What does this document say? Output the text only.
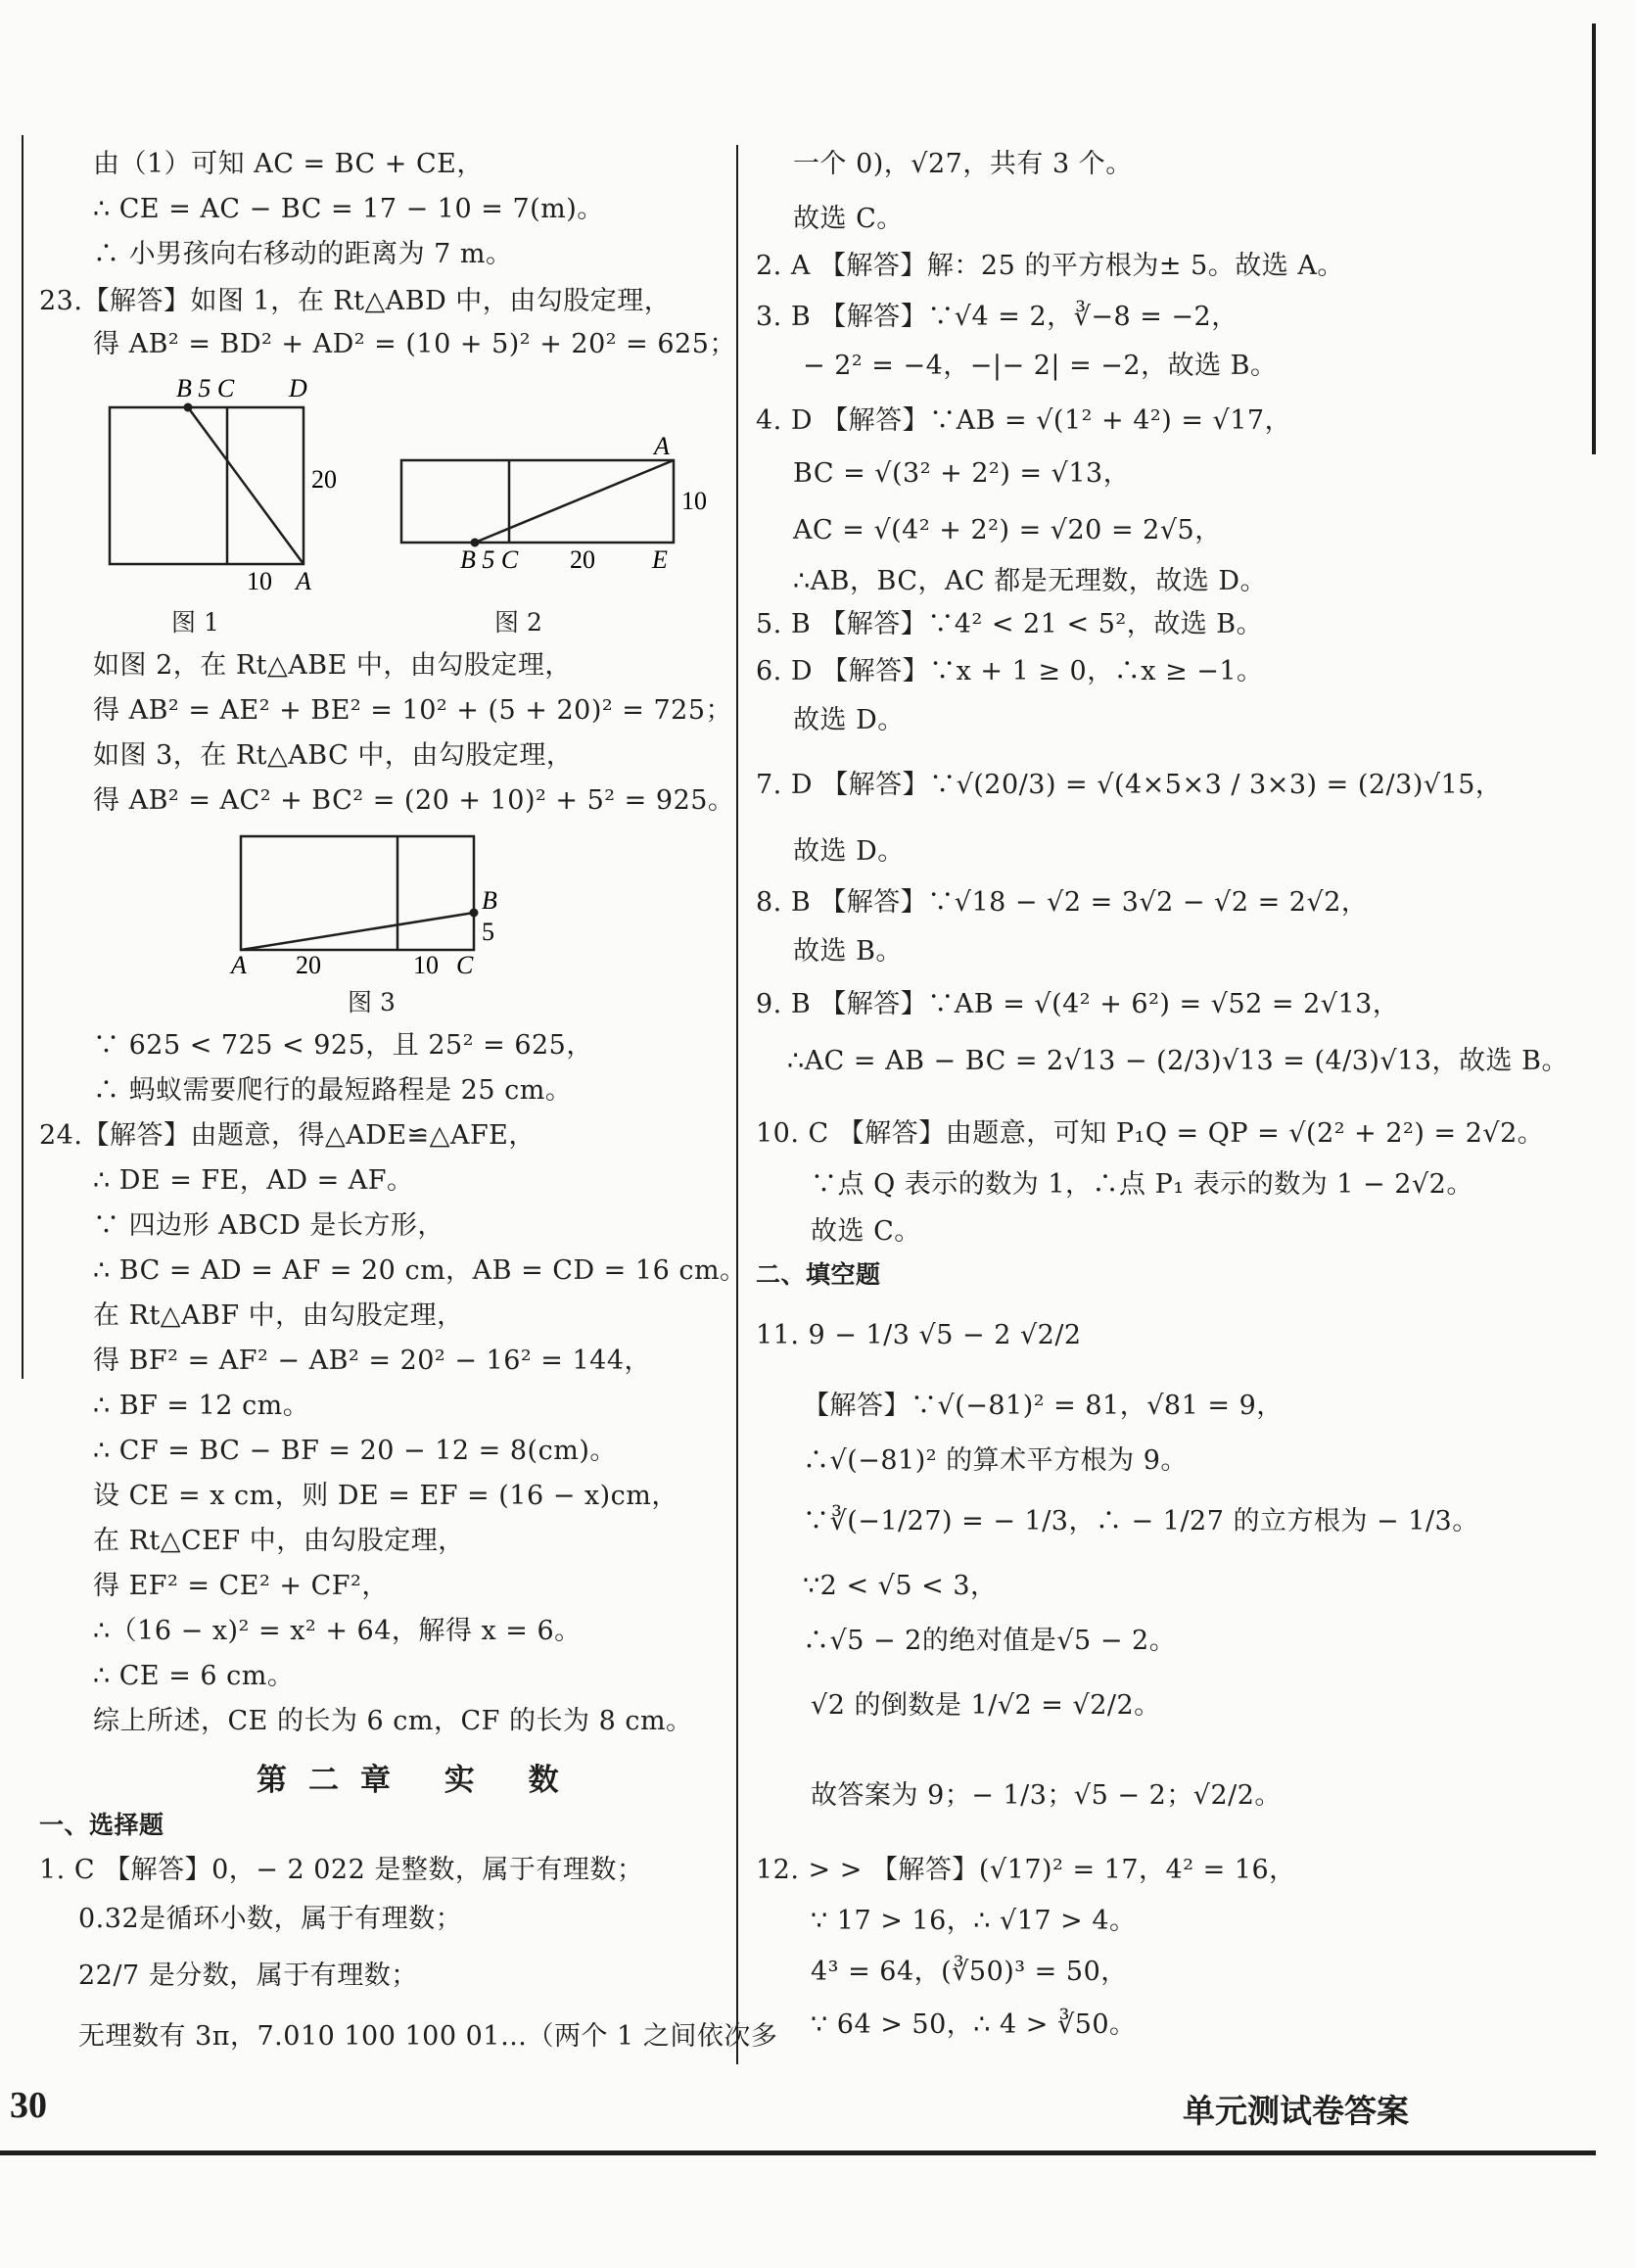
由（1）可知 AC = BC + CE，
∴ CE = AC − BC = 17 − 10 = 7(m)。
∴ 小男孩向右移动的距离为 7 m。
23.【解答】如图 1，在 Rt△ABD 中，由勾股定理，
得 AB² = BD² + AD² = (10 + 5)² + 20² = 625；
B 5 C D
20
10 A
图 1
A
10
B 5 C 20 E
图 2
如图 2，在 Rt△ABE 中，由勾股定理，
得 AB² = AE² + BE² = 10² + (5 + 20)² = 725；
如图 3，在 Rt△ABC 中，由勾股定理，
得 AB² = AC² + BC² = (20 + 10)² + 5² = 925。
B
5
A 20	10 C
图 3
∵ 625 < 725 < 925，且 25² = 625，
∴ 蚂蚁需要爬行的最短路程是 25 cm。
24.【解答】由题意，得△ADE≌△AFE，
∴ DE = FE，AD = AF。
∵ 四边形 ABCD 是长方形，
∴ BC = AD = AF = 20 cm，AB = CD = 16 cm。
在 Rt△ABF 中，由勾股定理，
得 BF² = AF² − AB² = 20² − 16² = 144，
∴ BF = 12 cm。
∴ CF = BC − BF = 20 − 12 = 8(cm)。
设 CE = x cm，则 DE = EF = (16 − x)cm，
在 Rt△CEF 中，由勾股定理，
得 EF² = CE² + CF²，
∴（16 − x)² = x² + 64，解得 x = 6。
∴ CE = 6 cm。
综上所述，CE 的长为 6 cm，CF 的长为 8 cm。
第二章 实 数
一、选择题
1. C 【解答】0，− 2 022 是整数，属于有理数；
0.32̇是循环小数，属于有理数；
22/7 是分数，属于有理数；
无理数有 3π，7.010 100 100 01…（两个 1 之间依次多
一个 0)，√27，共有 3 个。
故选 C。
2. A 【解答】解：25 的平方根为± 5。故选 A。
3. B 【解答】∵√4 = 2，∛−8 = −2，
− 2² = −4，−|− 2| = −2，故选 B。
4. D 【解答】∵AB = √(1² + 4²) = √17，
BC = √(3² + 2²) = √13，
AC = √(4² + 2²) = √20 = 2√5，
∴AB，BC，AC 都是无理数，故选 D。
5. B 【解答】∵4² < 21 < 5²，故选 B。
6. D 【解答】∵x + 1 ≥ 0，∴x ≥ −1。
故选 D。
7. D 【解答】∵√(20/3) = √(4×5×3 / 3×3) = (2/3)√15，
故选 D。
8. B 【解答】∵√18 − √2 = 3√2 − √2 = 2√2，
故选 B。
9. B 【解答】∵AB = √(4² + 6²) = √52 = 2√13，
∴AC = AB − BC = 2√13 − (2/3)√13 = (4/3)√13，故选 B。
10. C 【解答】由题意，可知 P₁Q = QP = √(2² + 2²) = 2√2。
∵点 Q 表示的数为 1，∴点 P₁ 表示的数为 1 − 2√2。
故选 C。
二、填空题
11. 9 − 1/3 √5 − 2 √2/2
【解答】∵√(−81)² = 81，√81 = 9，
∴√(−81)² 的算术平方根为 9。
∵∛(−1/27) = − 1/3，∴ − 1/27 的立方根为 − 1/3。
∵2 < √5 < 3，
∴√5 − 2的绝对值是√5 − 2。
√2 的倒数是 1/√2 = √2/2。
故答案为 9；− 1/3；√5 − 2；√2/2。
12. > > 【解答】(√17)² = 17，4² = 16，
∵ 17 > 16，∴ √17 > 4。
4³ = 64，(∛50)³ = 50，
∵ 64 > 50，∴ 4 > ∛50。
30	单元测试卷答案
